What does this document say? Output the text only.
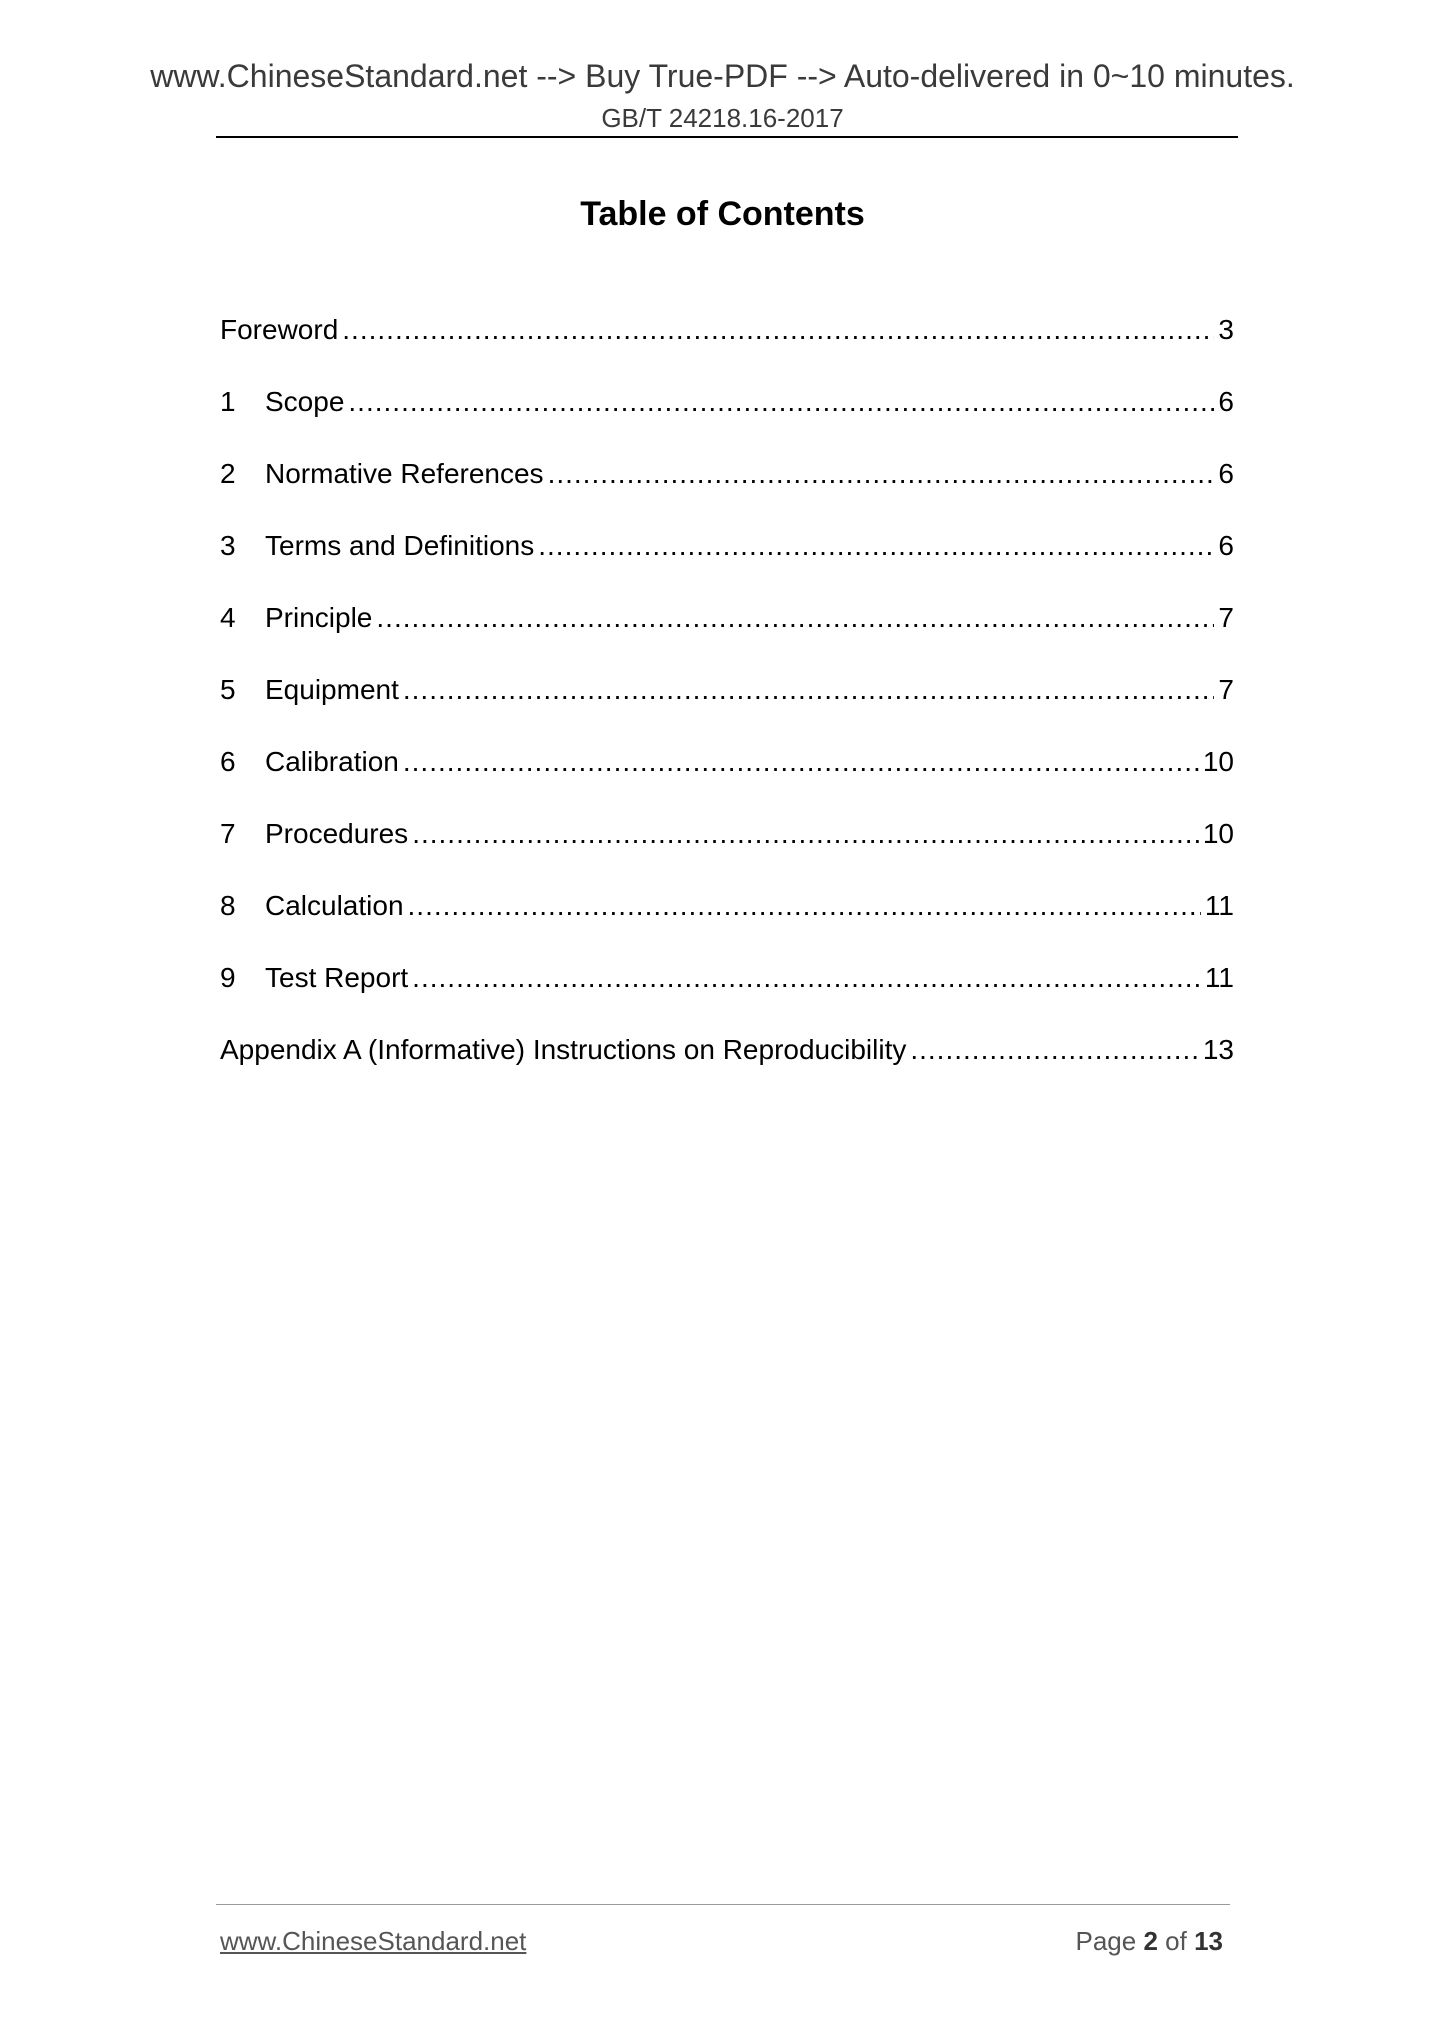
www.ChineseStandard.net --> Buy True-PDF --> Auto-delivered in 0~10 minutes.
GB/T 24218.16-2017
Table of Contents
Foreword .....	3
1	Scope .....	6
2	Normative References .....	6
3	Terms and Definitions .....	6
4	Principle .....	7
5	Equipment .....	7
6	Calibration .....	10
7	Procedures .....	10
8	Calculation .....	11
9	Test Report .....	11
Appendix A (Informative) Instructions on Reproducibility .....	13
www.ChineseStandard.net	Page 2 of 13
